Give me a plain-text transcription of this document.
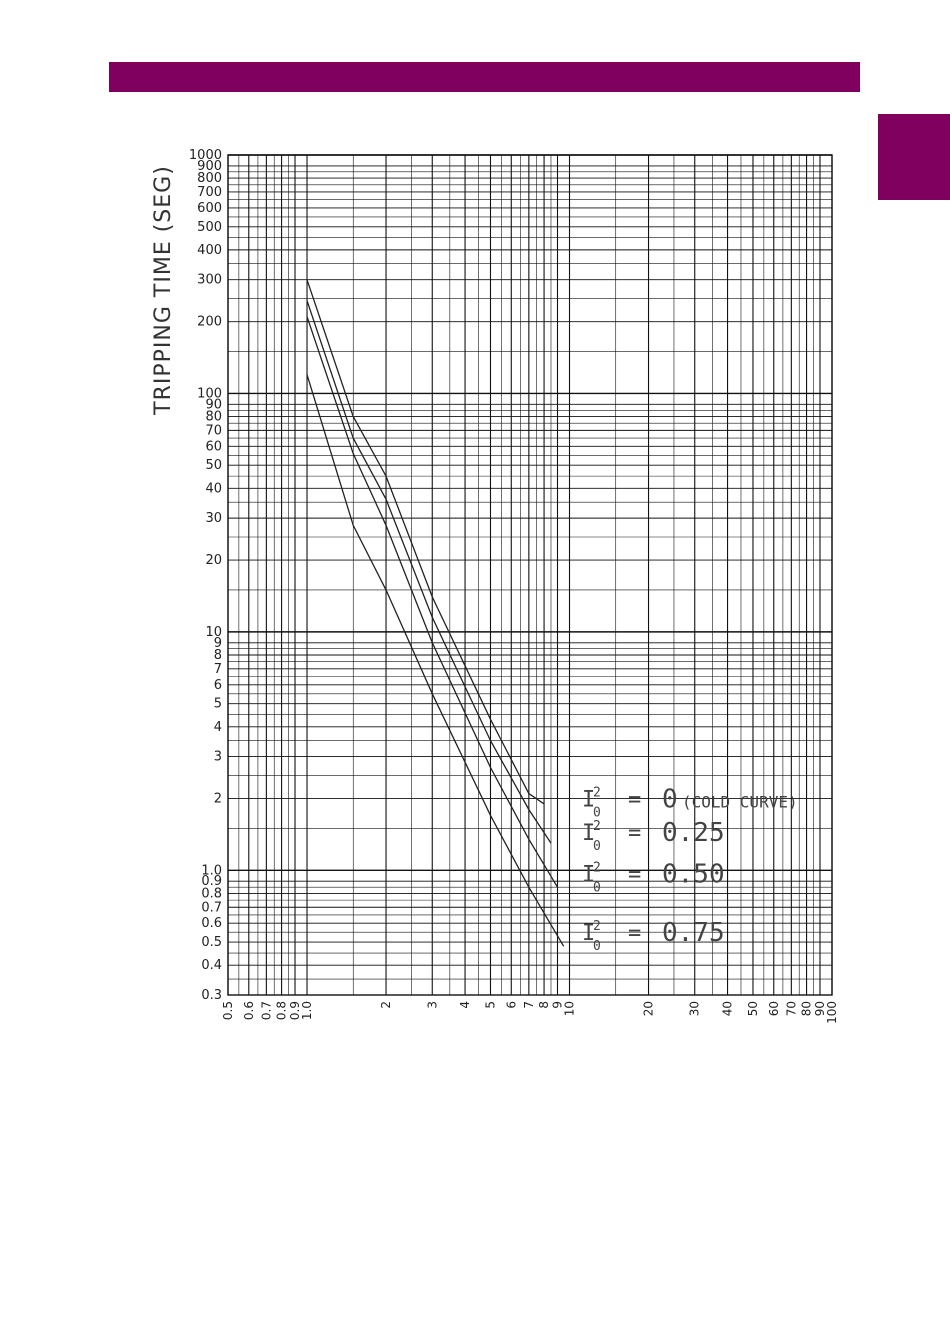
1000
900
800
700
600
500
400
300
200
100
90
80
70
60
50
40
30
20
10
9
8
7
6
5
4
3
2
1.0
0.9
0.8
0.7
0.6
0.5
0.4
0.3
0.5 0.6 0.7 0.8 0.9
1.0	2	3 4 5 6 7 8 9
10	20	30 40 50 60 70 80 90
100
I
2
0
= 0 (COLD CURVE)
I
2
0
= 0.25
I
2
0
= 0.50
I
2
0
= 0.75
TRIPPING TIME (SEG)
